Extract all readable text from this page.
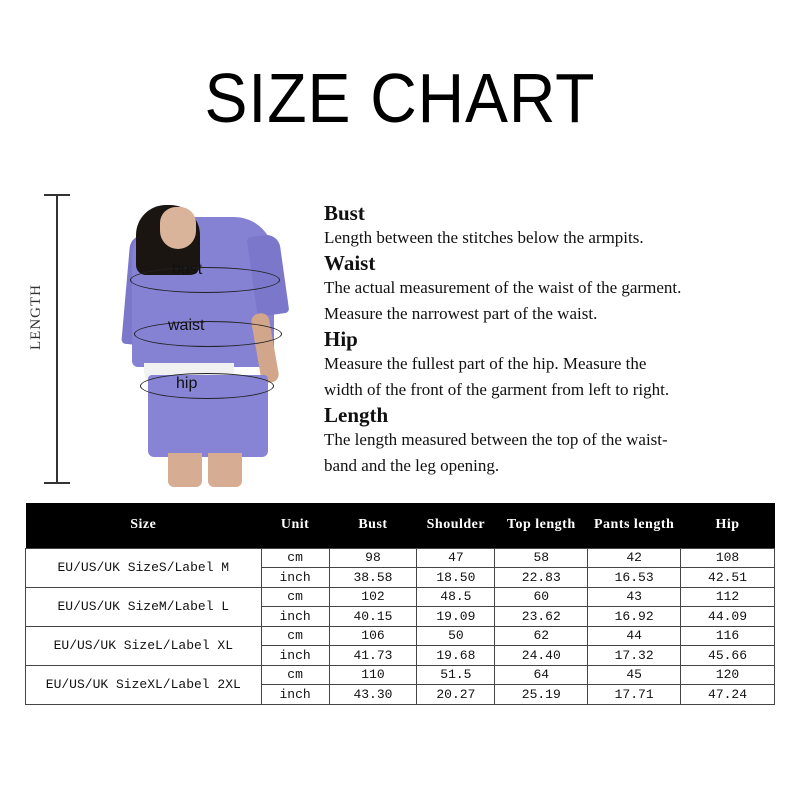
SIZE CHART
LENGTH
bust
waist
hip
Bust

Length between the stitches below the armpits.

Waist

The actual measurement of the waist of the garment.

Measure the narrowest part of the waist.

Hip

Measure the fullest part of the hip. Measure the

width of the front of the garment from left to right.

Length

The length measured between the top of the waist-

band and the leg opening.

Size	Unit	Bust	Shoulder	Top length	Pants length	Hip
EU/US/UK SizeS/Label M	cm	98	47	58	42	108
	inch	38.58	18.50	22.83	16.53	42.51
EU/US/UK SizeM/Label L	cm	102	48.5	60	43	112
	inch	40.15	19.09	23.62	16.92	44.09
EU/US/UK SizeL/Label XL	cm	106	50	62	44	116
	inch	41.73	19.68	24.40	17.32	45.66
EU/US/UK SizeXL/Label 2XL	cm	110	51.5	64	45	120
	inch	43.30	20.27	25.19	17.71	47.24
